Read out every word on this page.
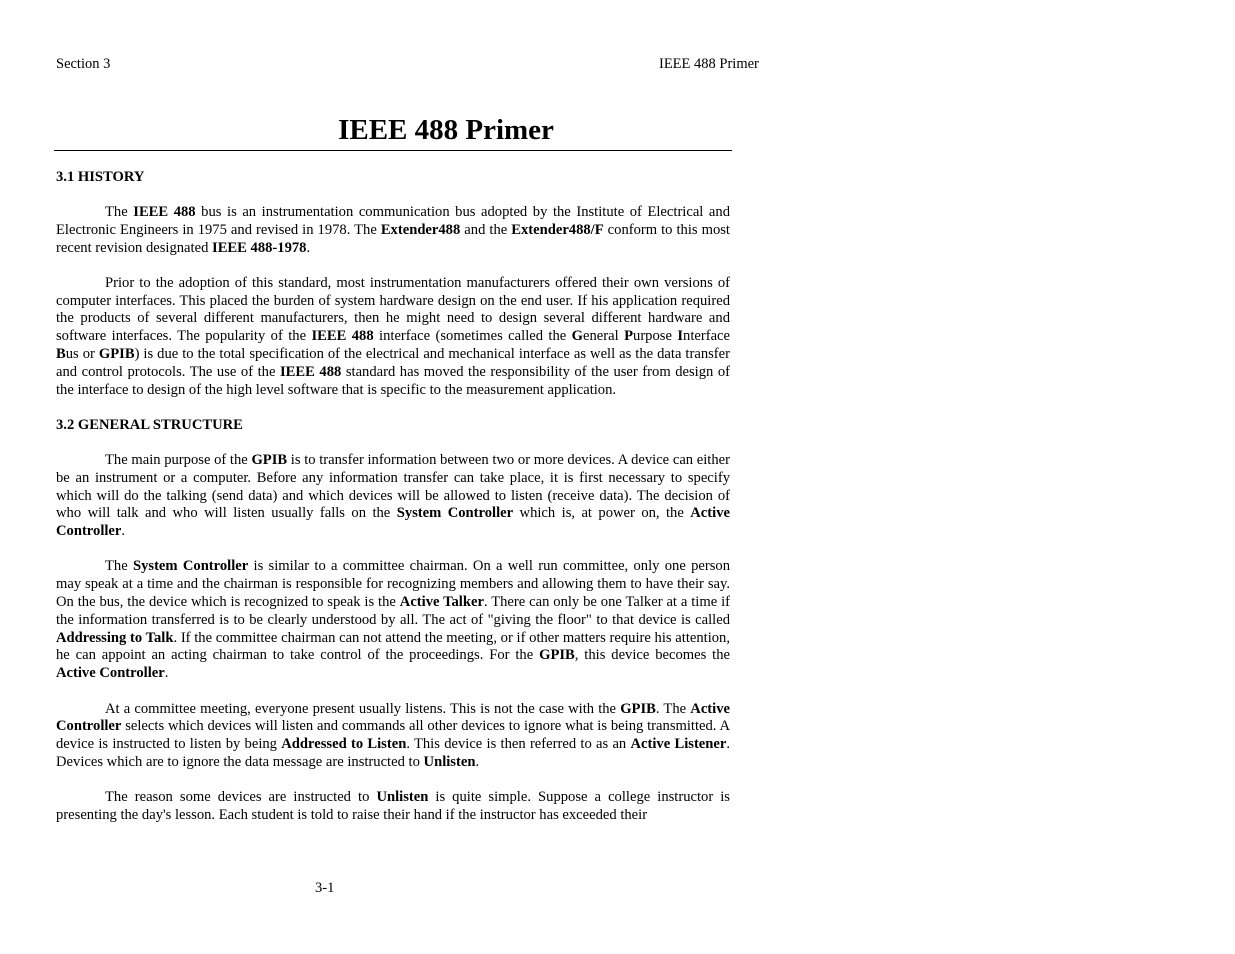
Section 3	IEEE 488 Primer
IEEE 488 Primer
3.1 HISTORY

The IEEE 488 bus is an instrumentation communication bus adopted by the Institute of Electrical and Electronic Engineers in 1975 and revised in 1978. The Extender488 and the Extender488/F conform to this most recent revision designated IEEE 488-1978.

Prior to the adoption of this standard, most instrumentation manufacturers offered their own versions of computer interfaces. This placed the burden of system hardware design on the end user. If his application required the products of several different manufacturers, then he might need to design several different hardware and software interfaces. The popularity of the IEEE 488 interface (sometimes called the General Purpose Interface Bus or GPIB) is due to the total specification of the electrical and mechanical interface as well as the data transfer and control protocols. The use of the IEEE 488 standard has moved the responsibility of the user from design of the interface to design of the high level software that is specific to the measurement application.

3.2 GENERAL STRUCTURE

The main purpose of the GPIB is to transfer information between two or more devices. A device can either be an instrument or a computer. Before any information transfer can take place, it is first necessary to specify which will do the talking (send data) and which devices will be allowed to listen (receive data). The decision of who will talk and who will listen usually falls on the System Controller which is, at power on, the Active Controller.

The System Controller is similar to a committee chairman. On a well run committee, only one person may speak at a time and the chairman is responsible for recognizing members and allowing them to have their say. On the bus, the device which is recognized to speak is the Active Talker. There can only be one Talker at a time if the information transferred is to be clearly understood by all. The act of "giving the floor" to that device is called Addressing to Talk. If the committee chairman can not attend the meeting, or if other matters require his attention, he can appoint an acting chairman to take control of the proceedings. For the GPIB, this device becomes the Active Controller.

At a committee meeting, everyone present usually listens. This is not the case with the GPIB. The Active Controller selects which devices will listen and commands all other devices to ignore what is being transmitted. A device is instructed to listen by being Addressed to Listen. This device is then referred to as an Active Listener. Devices which are to ignore the data message are instructed to Unlisten.

The reason some devices are instructed to Unlisten is quite simple. Suppose a college instructor is presenting the day's lesson. Each student is told to raise their hand if the instructor has exceeded their

3-1
